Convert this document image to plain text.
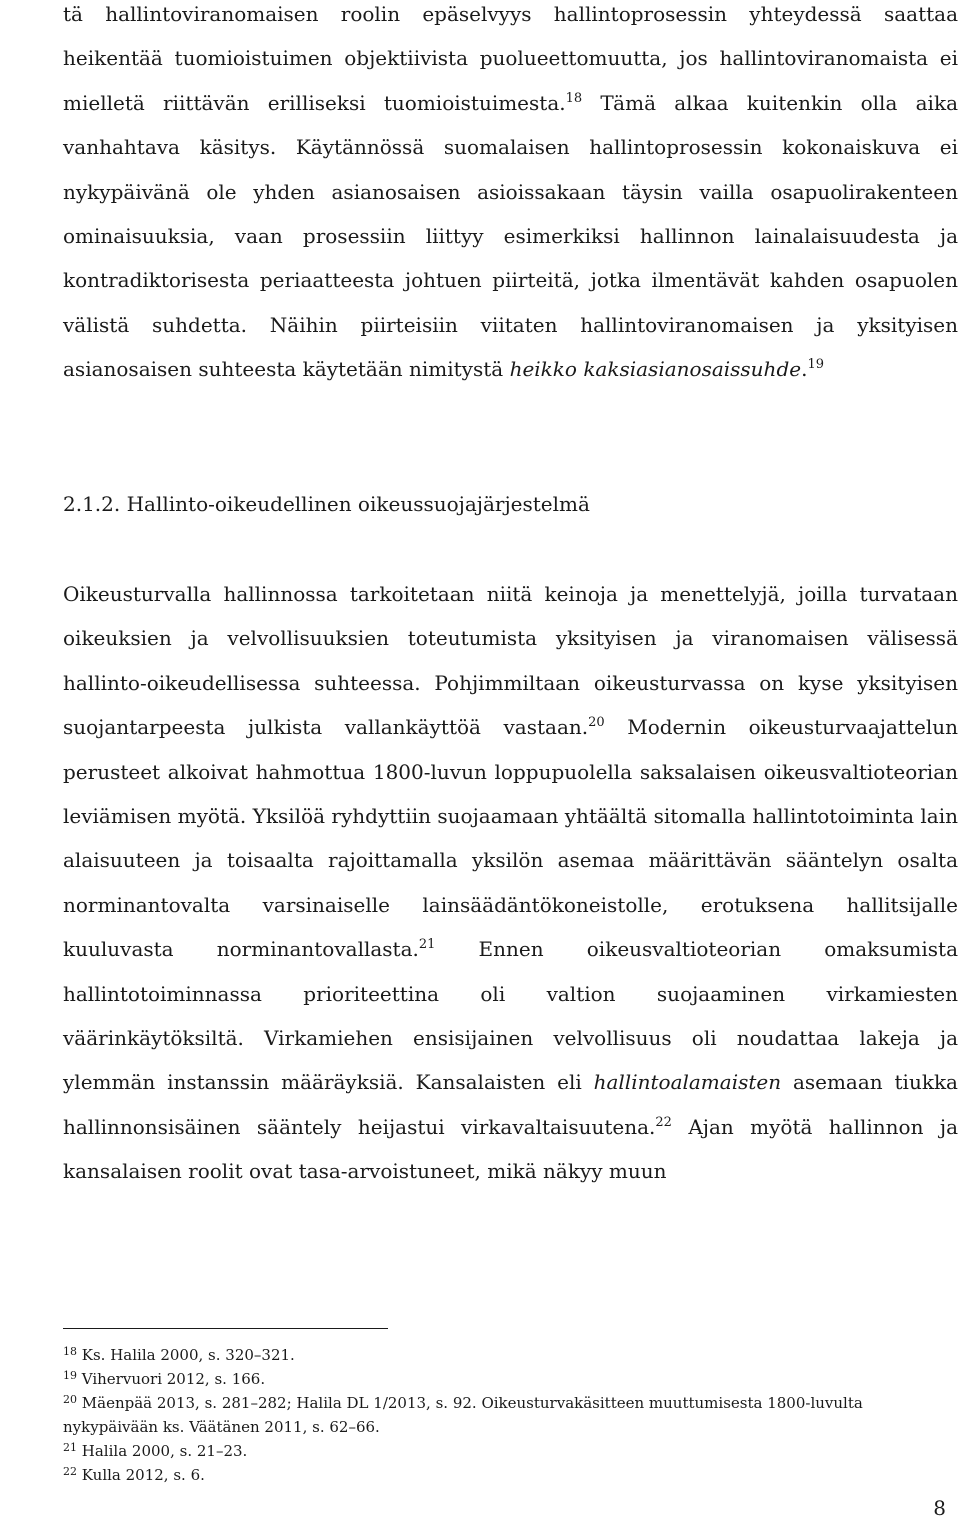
tä hallintoviranomaisen roolin epäselvyys hallintoprosessin yhteydessä saattaa heikentää tuomioistuimen objektiivista puolueettomuutta, jos hallintoviranomaista ei mielletä riittävän erilliseksi tuomioistuimesta.$^{18}$ Tämä alkaa kuitenkin olla aika vanhahtava käsitys. Käytännössä suomalaisen hallintoprosessin kokonaiskuva ei nykypäivänä ole yhden asianosaisen asioissakaan täysin vailla osapuolirakenteen ominaisuuksia, vaan prosessiin liittyy esimerkiksi hallinnon lainalaisuudesta ja kontradiktorisesta periaatteesta johtuen piirteitä, jotka ilmentävät kahden osapuolen välistä suhdetta. Näihin piirteisiin viitaten hallintoviranomaisen ja yksityisen asianosaisen suhteesta käytetään nimitystä heikko kaksiasianosaissuhde.$^{19}$

2.1.2. Hallinto-oikeudellinen oikeussuojajärjestelmä

Oikeusturvalla hallinnossa tarkoitetaan niitä keinoja ja menettelyjä, joilla turvataan oikeuksien ja velvollisuuksien toteutumista yksityisen ja viranomaisen välisessä hallinto-oikeudellisessa suhteessa. Pohjimmiltaan oikeusturvassa on kyse yksityisen suojantarpeesta julkista vallankäyttöä vastaan.$^{20}$ Modernin oikeusturvaajattelun perusteet alkoivat hahmottua 1800-luvun loppupuolella saksalaisen oikeusvaltioteorian leviämisen myötä. Yksilöä ryhdyttiin suojaamaan yhtäältä sitomalla hallintotoiminta lain alaisuuteen ja toisaalta rajoittamalla yksilön asemaa määrittävän sääntelyn osalta norminantovalta varsinaiselle lainsäädäntökoneistolle, erotuksena hallitsijalle kuuluvasta norminantovallasta.$^{21}$ Ennen oikeusvaltioteorian omaksumista hallintotoiminnassa prioriteettina oli valtion suojaaminen virkamiesten väärinkäytöksiltä. Virkamiehen ensisijainen velvollisuus oli noudattaa lakeja ja ylemmän instanssin määräyksiä. Kansalaisten eli hallintoalamaisten asemaan tiukka hallinnonsisäinen sääntely heijastui virkavaltaisuutena.$^{22}$ Ajan myötä hallinnon ja kansalaisen roolit ovat tasa-arvoistuneet, mikä näkyy muun

$^{18}$ Ks. Halila 2000, s. 320–321.
$^{19}$ Vihervuori 2012, s. 166.
$^{20}$ Mäenpää 2013, s. 281–282; Halila DL 1/2013, s. 92. Oikeusturvakäsitteen muuttumisesta 1800-luvulta nykypäivään ks. Väätänen 2011, s. 62–66.
$^{21}$ Halila 2000, s. 21–23.
$^{22}$ Kulla 2012, s. 6.
8
